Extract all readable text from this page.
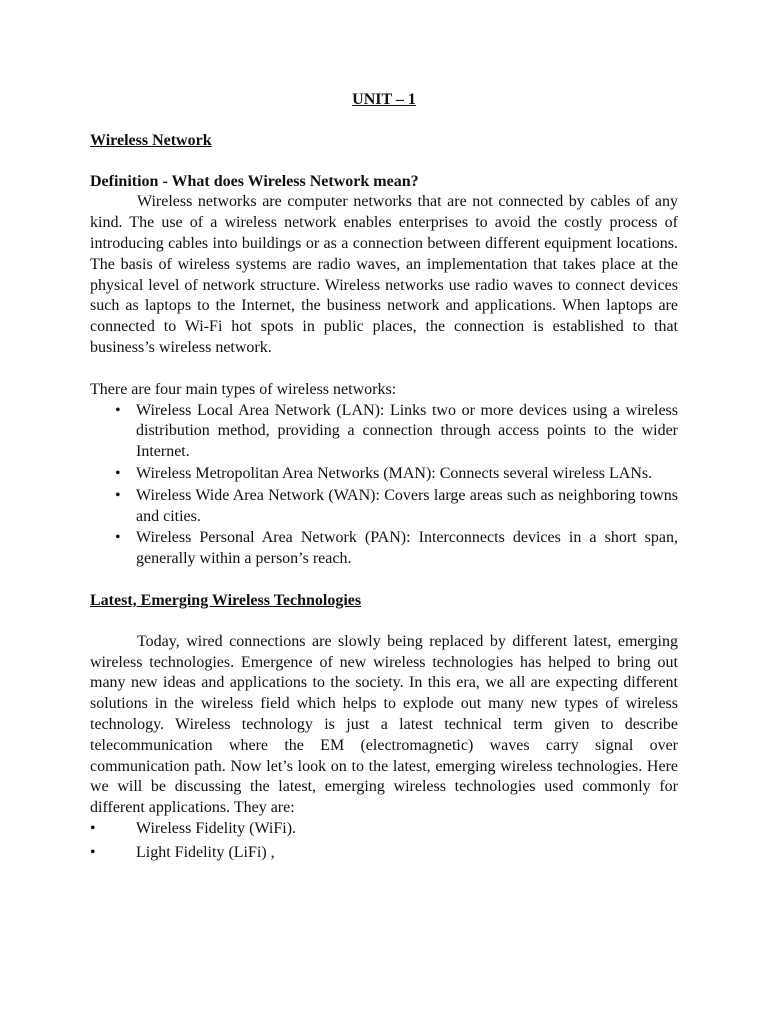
UNIT – 1
Wireless Network
Definition - What does Wireless Network mean?
Wireless networks are computer networks that are not connected by cables of any kind. The use of a wireless network enables enterprises to avoid the costly process of introducing cables into buildings or as a connection between different equipment locations. The basis of wireless systems are radio waves, an implementation that takes place at the physical level of network structure. Wireless networks use radio waves to connect devices such as laptops to the Internet, the business network and applications. When laptops are connected to Wi-Fi hot spots in public places, the connection is established to that business’s wireless network.
There are four main types of wireless networks:
• Wireless Local Area Network (LAN): Links two or more devices using a wireless distribution method, providing a connection through access points to the wider Internet.
• Wireless Metropolitan Area Networks (MAN): Connects several wireless LANs.
• Wireless Wide Area Network (WAN): Covers large areas such as neighboring towns and cities.
• Wireless Personal Area Network (PAN): Interconnects devices in a short span, generally within a person’s reach.
Latest, Emerging Wireless Technologies
Today, wired connections are slowly being replaced by different latest, emerging wireless technologies. Emergence of new wireless technologies has helped to bring out many new ideas and applications to the society. In this era, we all are expecting different solutions in the wireless field which helps to explode out many new types of wireless technology. Wireless technology is just a latest technical term given to describe telecommunication where the EM (electromagnetic) waves carry signal over communication path. Now let’s look on to the latest, emerging wireless technologies. Here we will be discussing the latest, emerging wireless technologies used commonly for different applications. They are:
•	Wireless Fidelity (WiFi).
•	Light Fidelity (LiFi) ,
